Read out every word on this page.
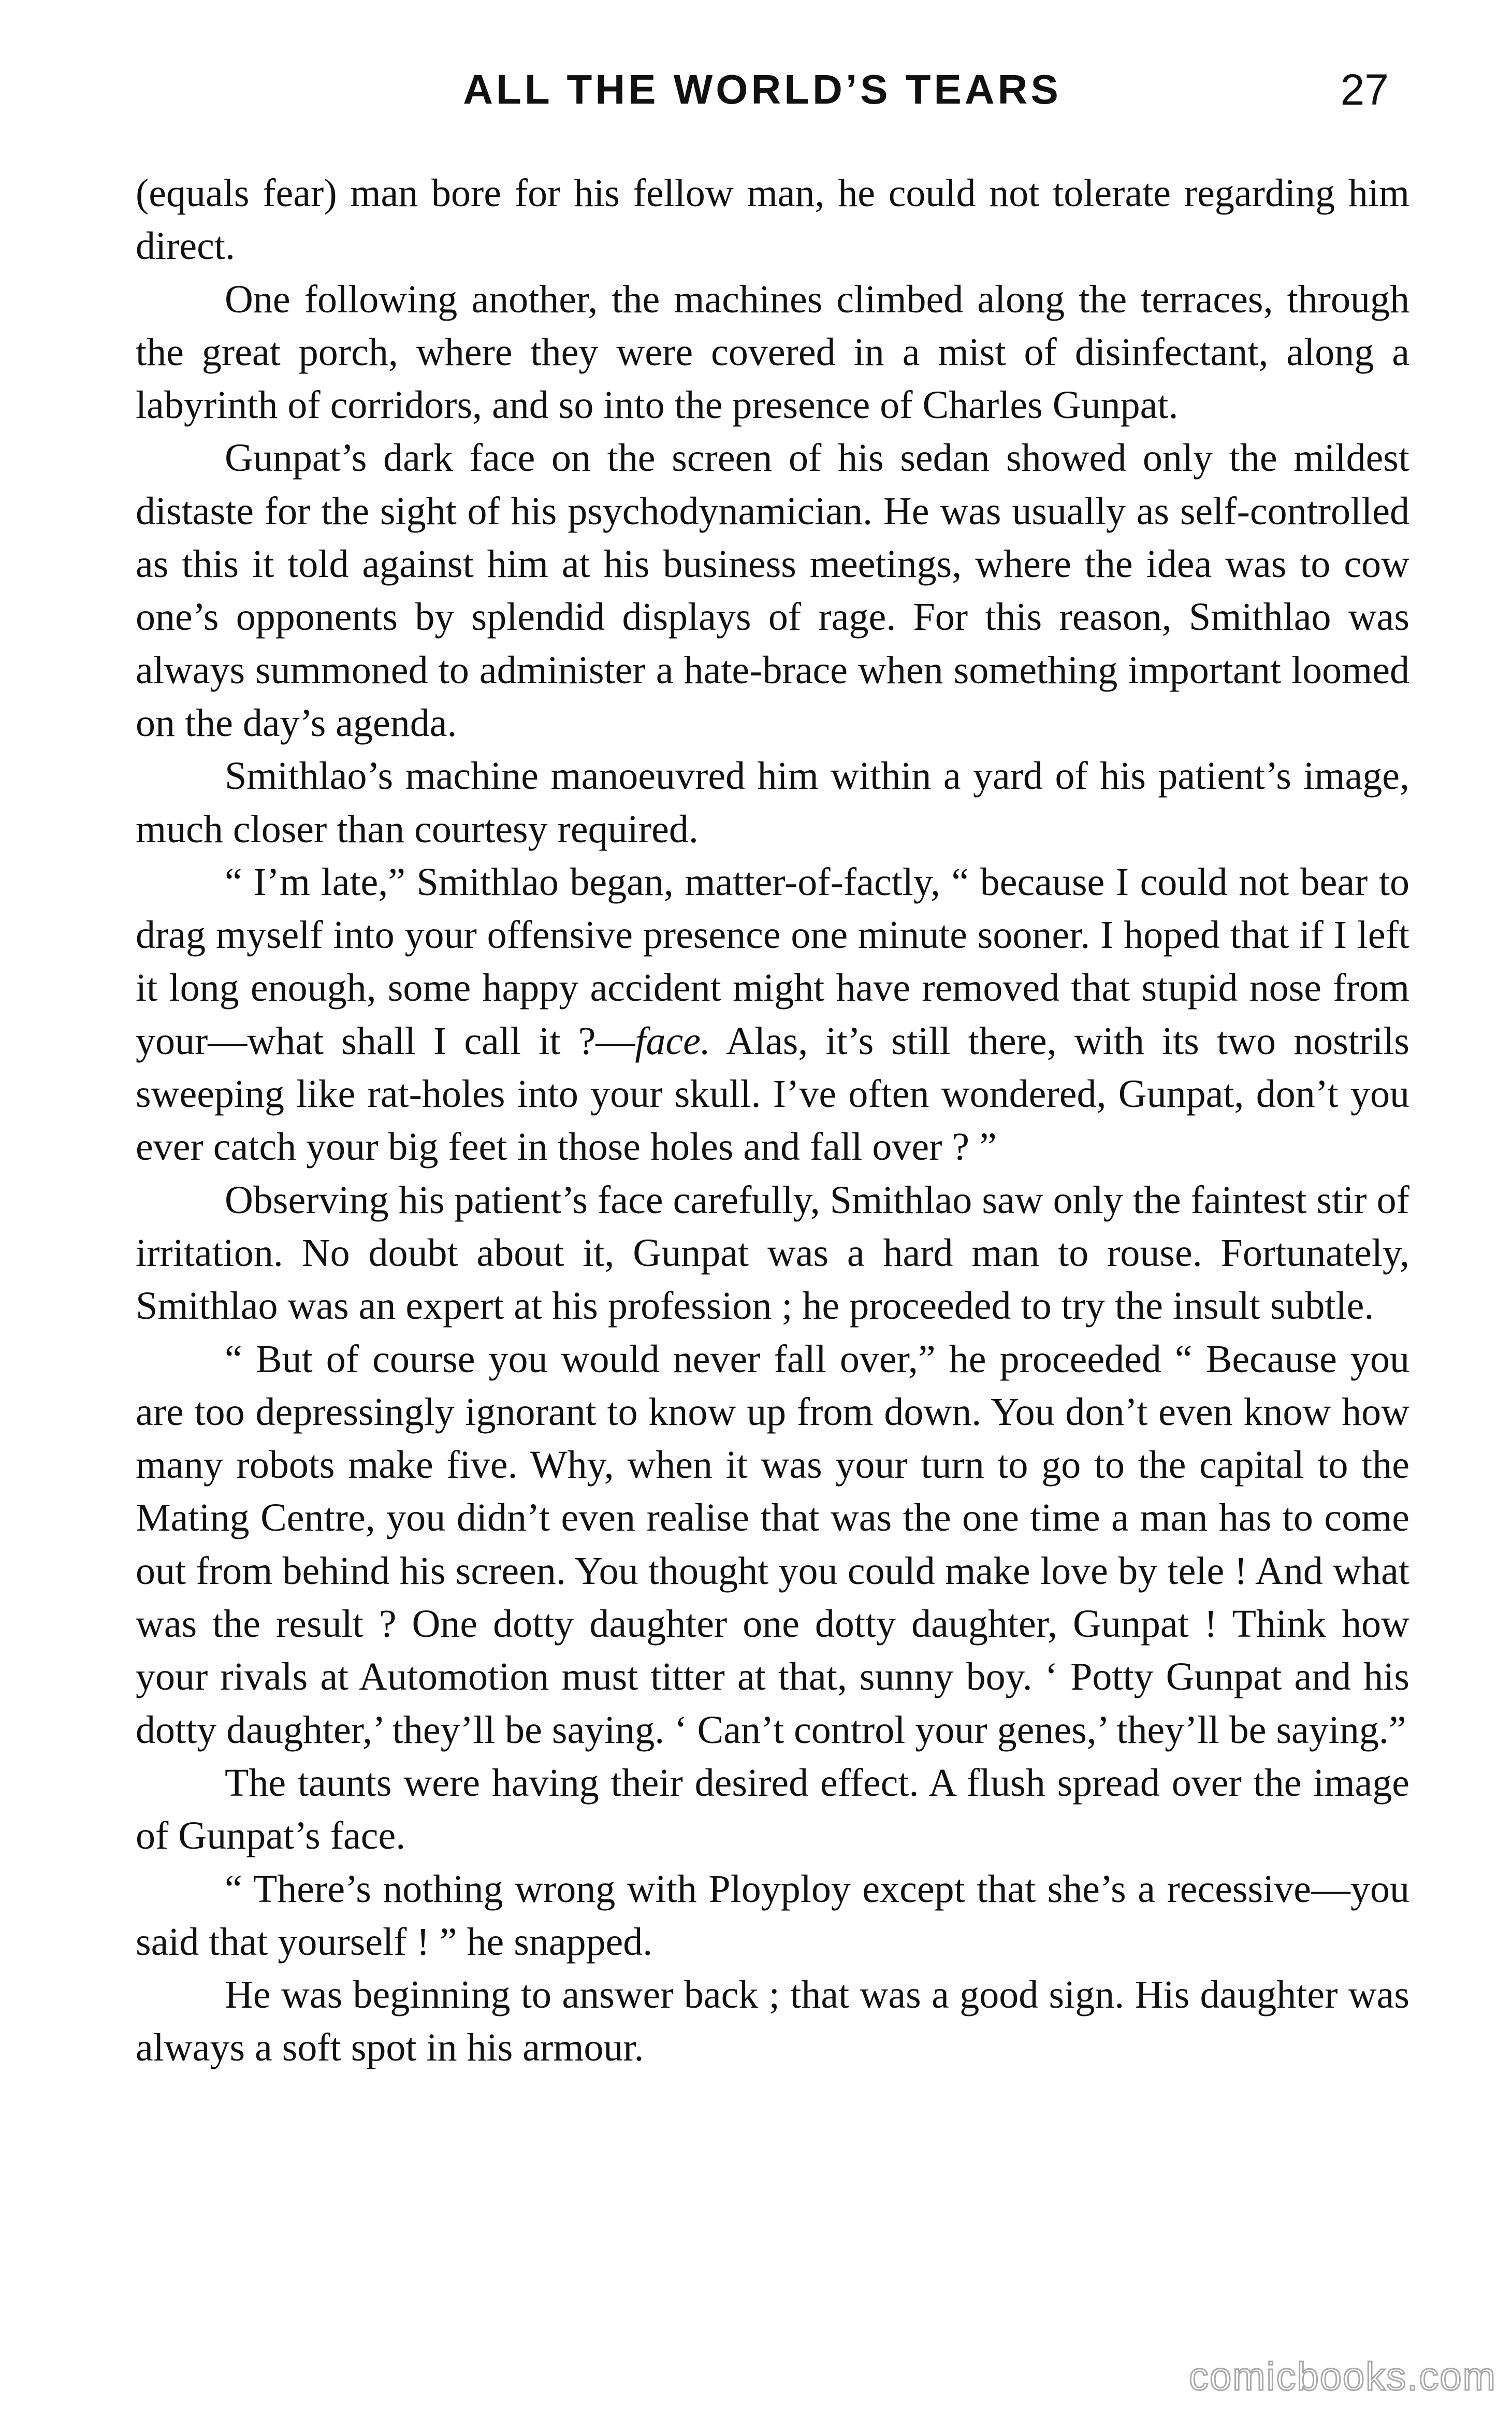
ALL THE WORLD’S TEARS	27

(equals fear) man bore for his fellow man, he could not tolerate regarding him direct.

One following another, the machines climbed along the terraces, through the great porch, where they were covered in a mist of disinfectant, along a labyrinth of corridors, and so into the presence of Charles Gunpat.

Gunpat’s dark face on the screen of his sedan showed only the mildest distaste for the sight of his psychodynamician. He was usually as self-controlled as this it told against him at his business meetings, where the idea was to cow one’s opponents by splendid displays of rage. For this reason, Smithlao was always summoned to administer a hate-brace when something important loomed on the day’s agenda.

Smithlao’s machine manoeuvred him within a yard of his patient’s image, much closer than courtesy required.

“ I’m late,” Smithlao began, matter-of-factly, “ because I could not bear to drag myself into your offensive presence one minute sooner. I hoped that if I left it long enough, some happy accident might have removed that stupid nose from your—what shall I call it ?—face. Alas, it’s still there, with its two nostrils sweeping like rat-holes into your skull. I’ve often wondered, Gunpat, don’t you ever catch your big feet in those holes and fall over ? ”

Observing his patient’s face carefully, Smithlao saw only the faintest stir of irritation. No doubt about it, Gunpat was a hard man to rouse. Fortunately, Smithlao was an expert at his profession ; he proceeded to try the insult subtle.

“ But of course you would never fall over,” he proceeded “ Because you are too depressingly ignorant to know up from down. You don’t even know how many robots make five. Why, when it was your turn to go to the capital to the Mating Centre, you didn’t even realise that was the one time a man has to come out from behind his screen. You thought you could make love by tele ! And what was the result ? One dotty daughter one dotty daughter, Gunpat ! Think how your rivals at Automotion must titter at that, sunny boy. ‘ Potty Gunpat and his dotty daughter,’ they’ll be saying. ‘ Can’t control your genes,’ they’ll be saying.”

The taunts were having their desired effect. A flush spread over the image of Gunpat’s face.

“ There’s nothing wrong with Ployploy except that she’s a recessive—you said that yourself ! ” he snapped.

He was beginning to answer back ; that was a good sign. His daughter was always a soft spot in his armour.

comicbooks.com
